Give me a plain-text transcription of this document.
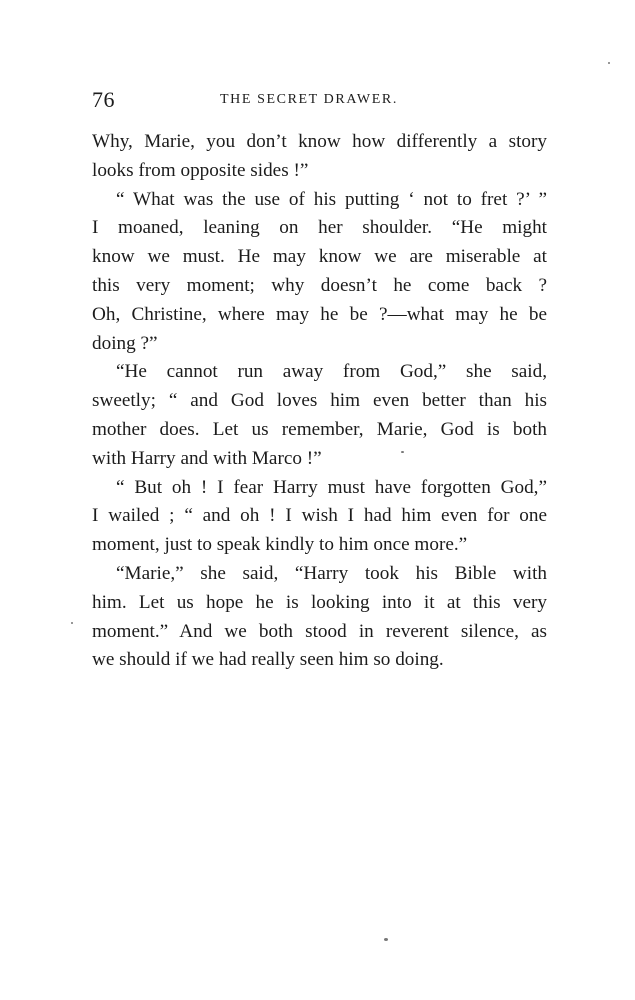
76	THE SECRET DRAWER.
Why, Marie, you don’t know how differently a story
looks from opposite sides !”
“ What was the use of his putting ‘ not to fret ?’ ”
I moaned, leaning on her shoulder. “He might
know we must. He may know we are miserable at
this very moment; why doesn’t he come back ?
Oh, Christine, where may he be ?—what may he be
doing ?”
“He cannot run away from God,” she said,
sweetly; “ and God loves him even better than his
mother does. Let us remember, Marie, God is both
with Harry and with Marco !”
“ But oh ! I fear Harry must have forgotten God,”
I wailed ; “ and oh ! I wish I had him even for one
moment, just to speak kindly to him once more.”
“Marie,” she said, “Harry took his Bible with
him. Let us hope he is looking into it at this very
moment.” And we both stood in reverent silence, as
we should if we had really seen him so doing.
